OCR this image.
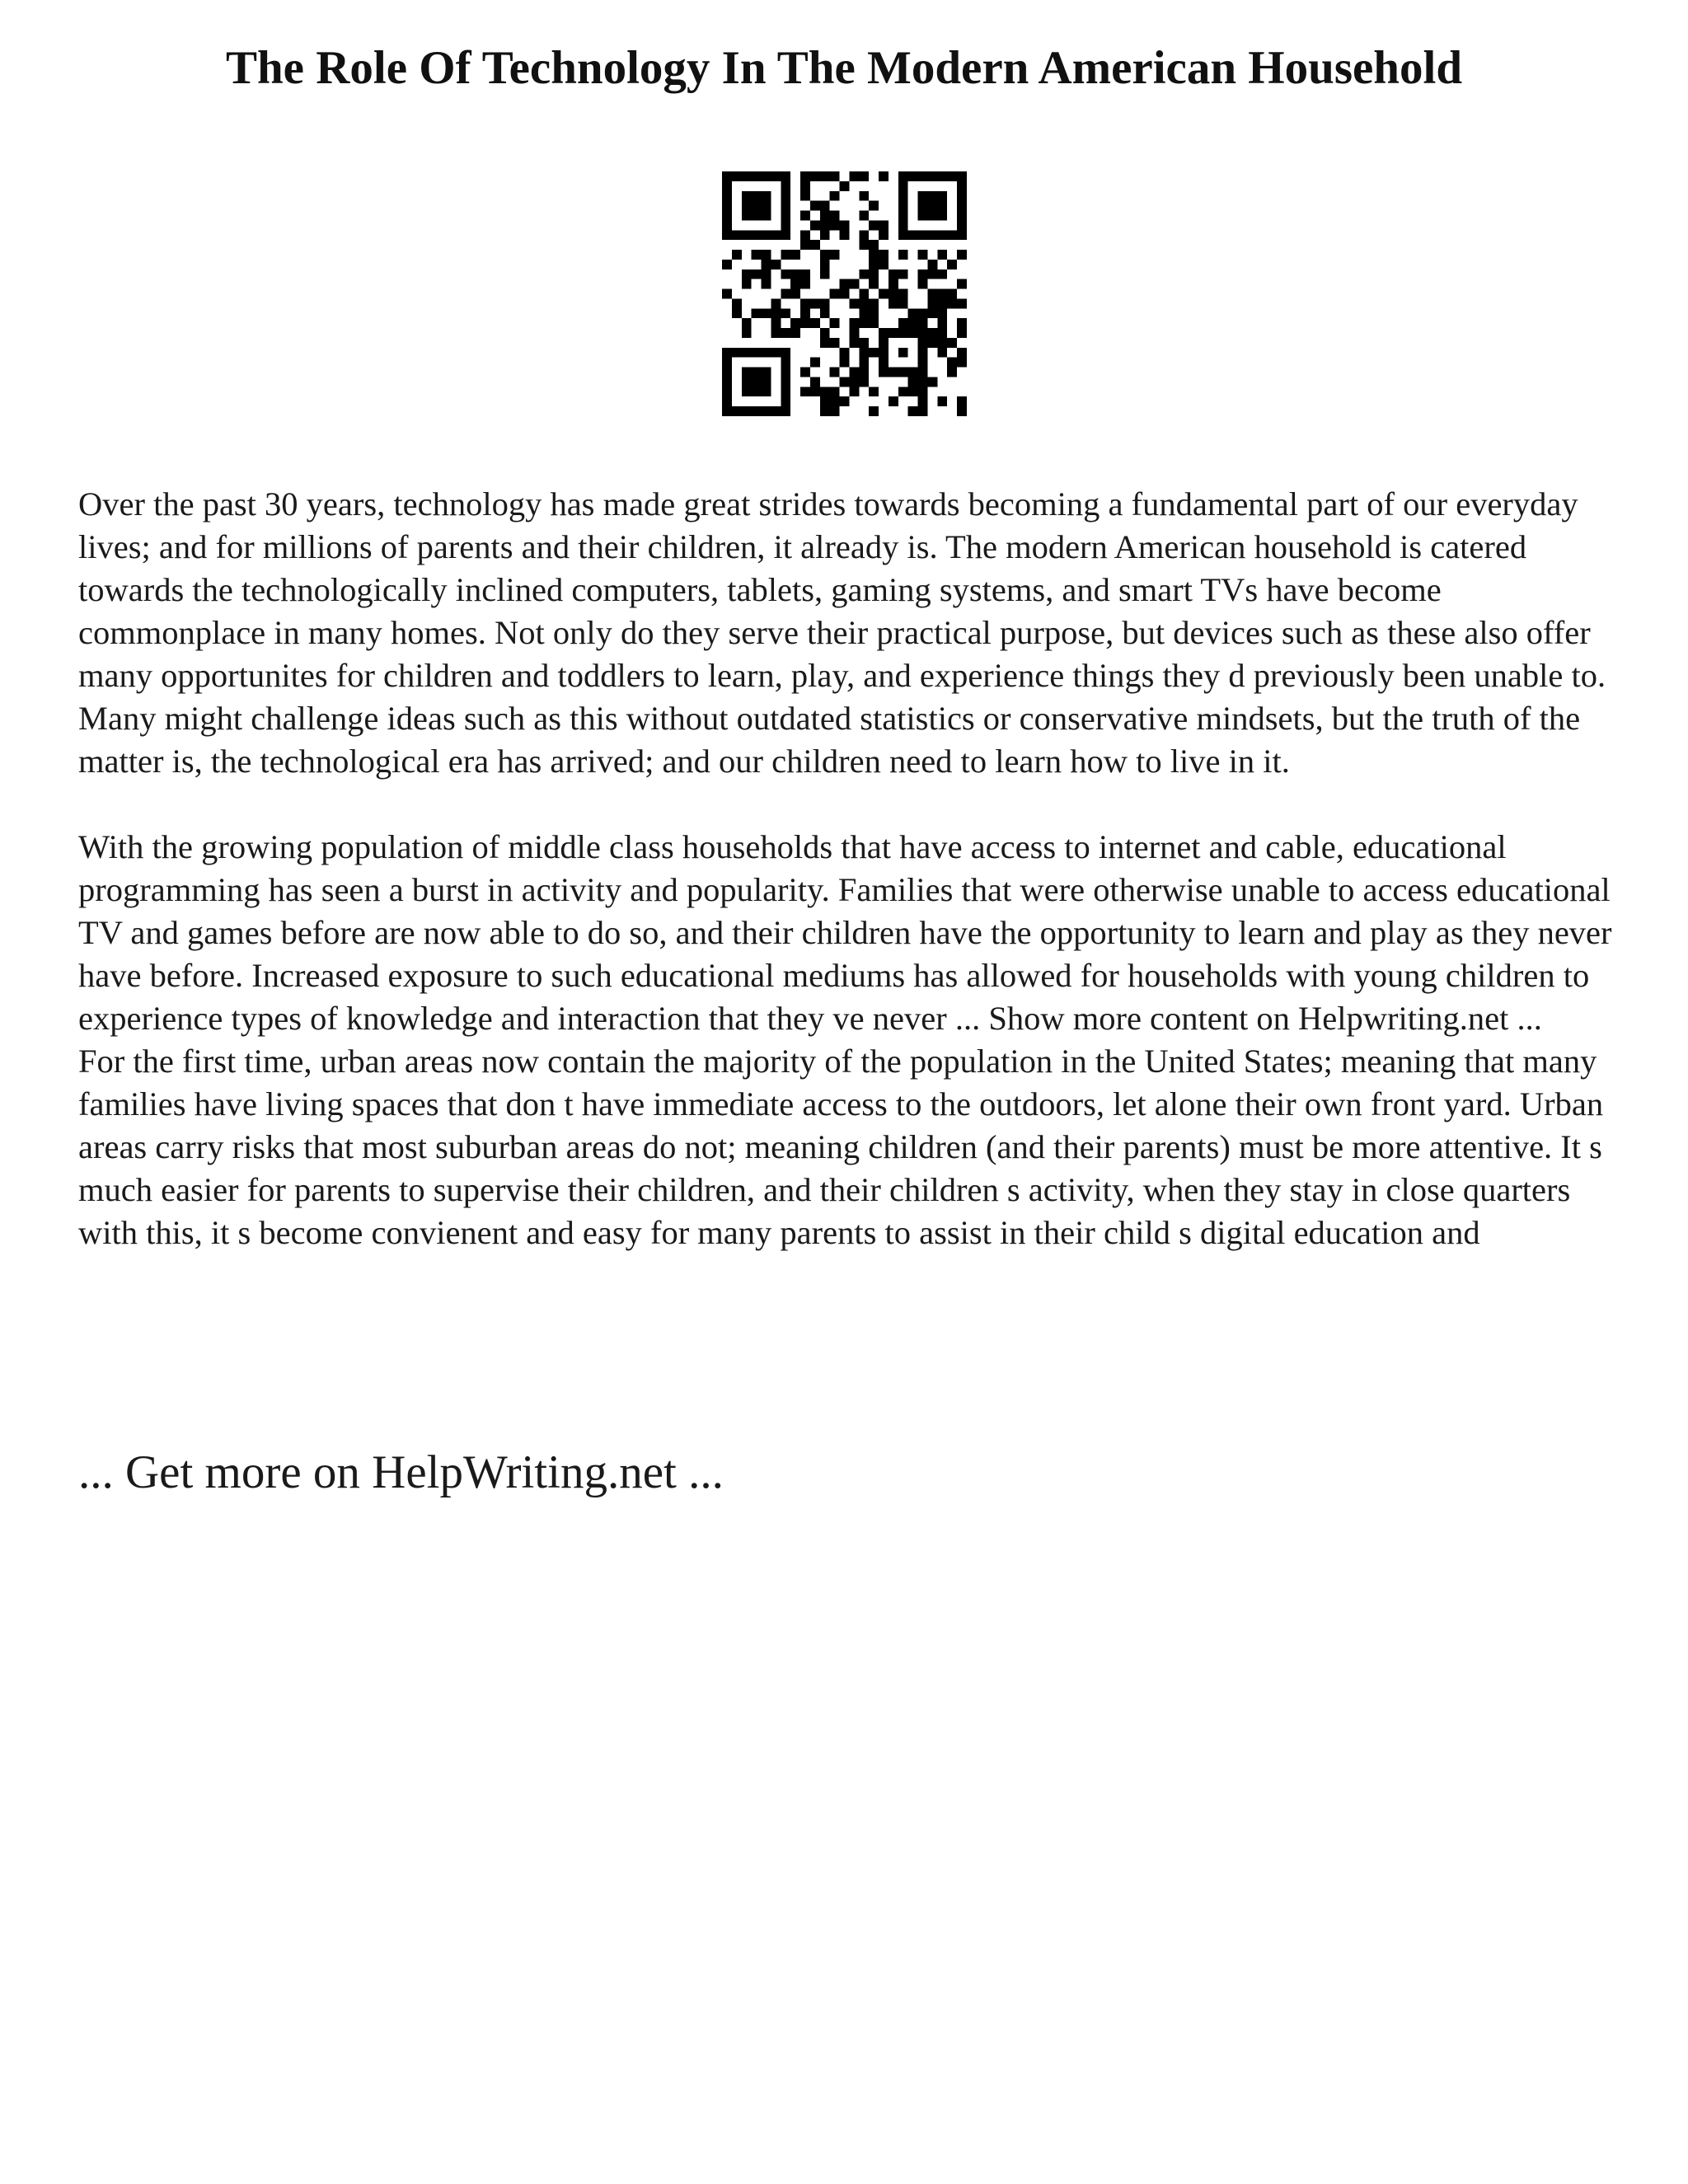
The Role Of Technology In The Modern American Household

Over the past 30 years, technology has made great strides towards becoming a fundamental part of our everyday lives; and for millions of parents and their children, it already is. The modern American household is catered towards the technologically inclined computers, tablets, gaming systems, and smart TVs have become commonplace in many homes. Not only do they serve their practical purpose, but devices such as these also offer many opportunites for children and toddlers to learn, play, and experience things they d previously been unable to. Many might challenge ideas such as this without outdated statistics or conservative mindsets, but the truth of the matter is, the technological era has arrived; and our children need to learn how to live in it.

With the growing population of middle class households that have access to internet and cable, educational programming has seen a burst in activity and popularity. Families that were otherwise unable to access educational TV and games before are now able to do so, and their children have the opportunity to learn and play as they never have before. Increased exposure to such educational mediums has allowed for households with young children to experience types of knowledge and interaction that they ve never ... Show more content on Helpwriting.net ...

For the first time, urban areas now contain the majority of the population in the United States; meaning that many families have living spaces that don t have immediate access to the outdoors, let alone their own front yard. Urban areas carry risks that most suburban areas do not; meaning children (and their parents) must be more attentive. It s much easier for parents to supervise their children, and their children s activity, when they stay in close quarters with this, it s become convienent and easy for many parents to assist in their child s digital education and

... Get more on HelpWriting.net ...
